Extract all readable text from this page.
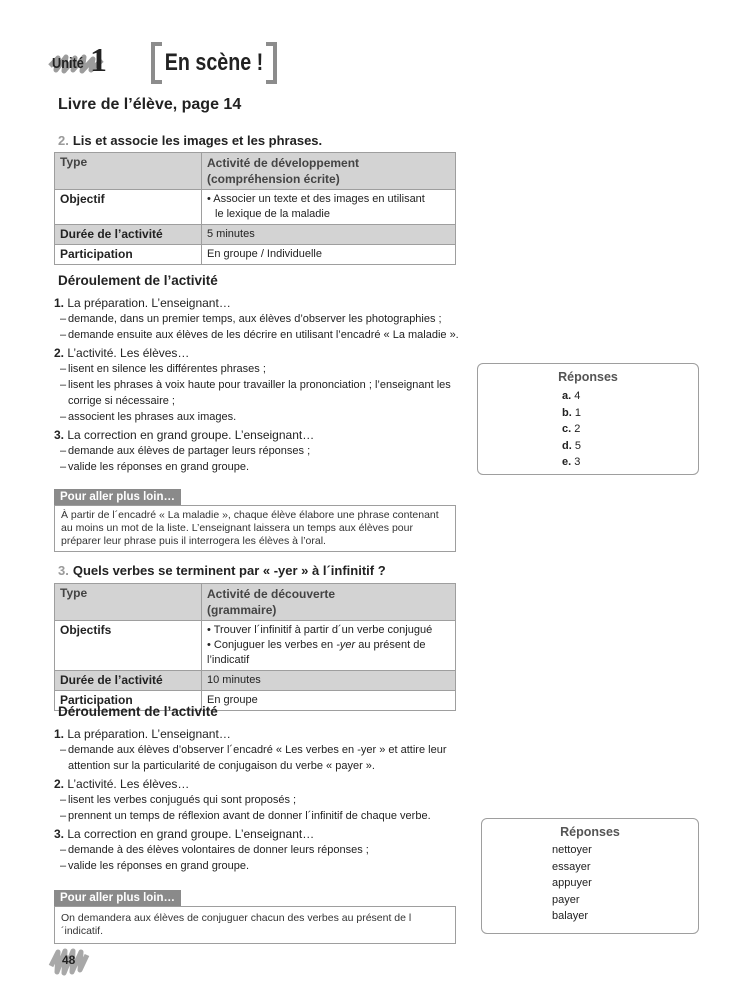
Unité 1 En scène !
Livre de l’élève, page 14
2. Lis et associe les images et les phrases.
Type	Activité de développement
(compréhension écrite)

Objectif	• Associer un texte et des images en utilisant
le lexique de la maladie

Durée de l’activité	5 minutes
Participation	En groupe / Individuelle
Déroulement de l’activité
1. La préparation. L’enseignant…
– demande, dans un premier temps, aux élèves d’observer les photographies ;
– demande ensuite aux élèves de les décrire en utilisant l’encadré « La maladie ».
2. L’activité. Les élèves…
– lisent en silence les différentes phrases ;
– lisent les phrases à voix haute pour travailler la prononciation ; l’enseignant les corrige si nécessaire ;
– associent les phrases aux images.
3. La correction en grand groupe. L’enseignant…
– demande aux élèves de partager leurs réponses ;
– valide les réponses en grand groupe.
Pour aller plus loin…
À partir de l´encadré « La maladie », chaque élève élabore une phrase contenant au moins un mot de la liste. L’enseignant laissera un temps aux élèves pour préparer leur phrase puis il interrogera les élèves à l’oral.
Réponses
a. 4
b. 1
c. 2
d. 5
e. 3
3. Quels verbes se terminent par « -yer » à l´infinitif ?
Type	Activité de découverte
(grammaire)

Objectifs	• Trouver l´infinitif à partir d´un verbe conjugué
• Conjuguer les verbes en -yer au présent de l’indicatif

Durée de l’activité	10 minutes
Participation	En groupe
Déroulement de l’activité
1. La préparation. L’enseignant…
– demande aux élèves d’observer l´encadré « Les verbes en -yer » et attire leur attention sur la particularité de conjugaison du verbe « payer ».
2. L’activité. Les élèves…
– lisent les verbes conjugués qui sont proposés ;
– prennent un temps de réflexion avant de donner l´infinitif de chaque verbe.
3. La correction en grand groupe. L’enseignant…
– demande à des élèves volontaires de donner leurs réponses ;
– valide les réponses en grand groupe.
Pour aller plus loin…
On demandera aux élèves de conjuguer chacun des verbes au présent de l´indicatif.
Réponses
nettoyer
essayer
appuyer
payer
balayer
48
